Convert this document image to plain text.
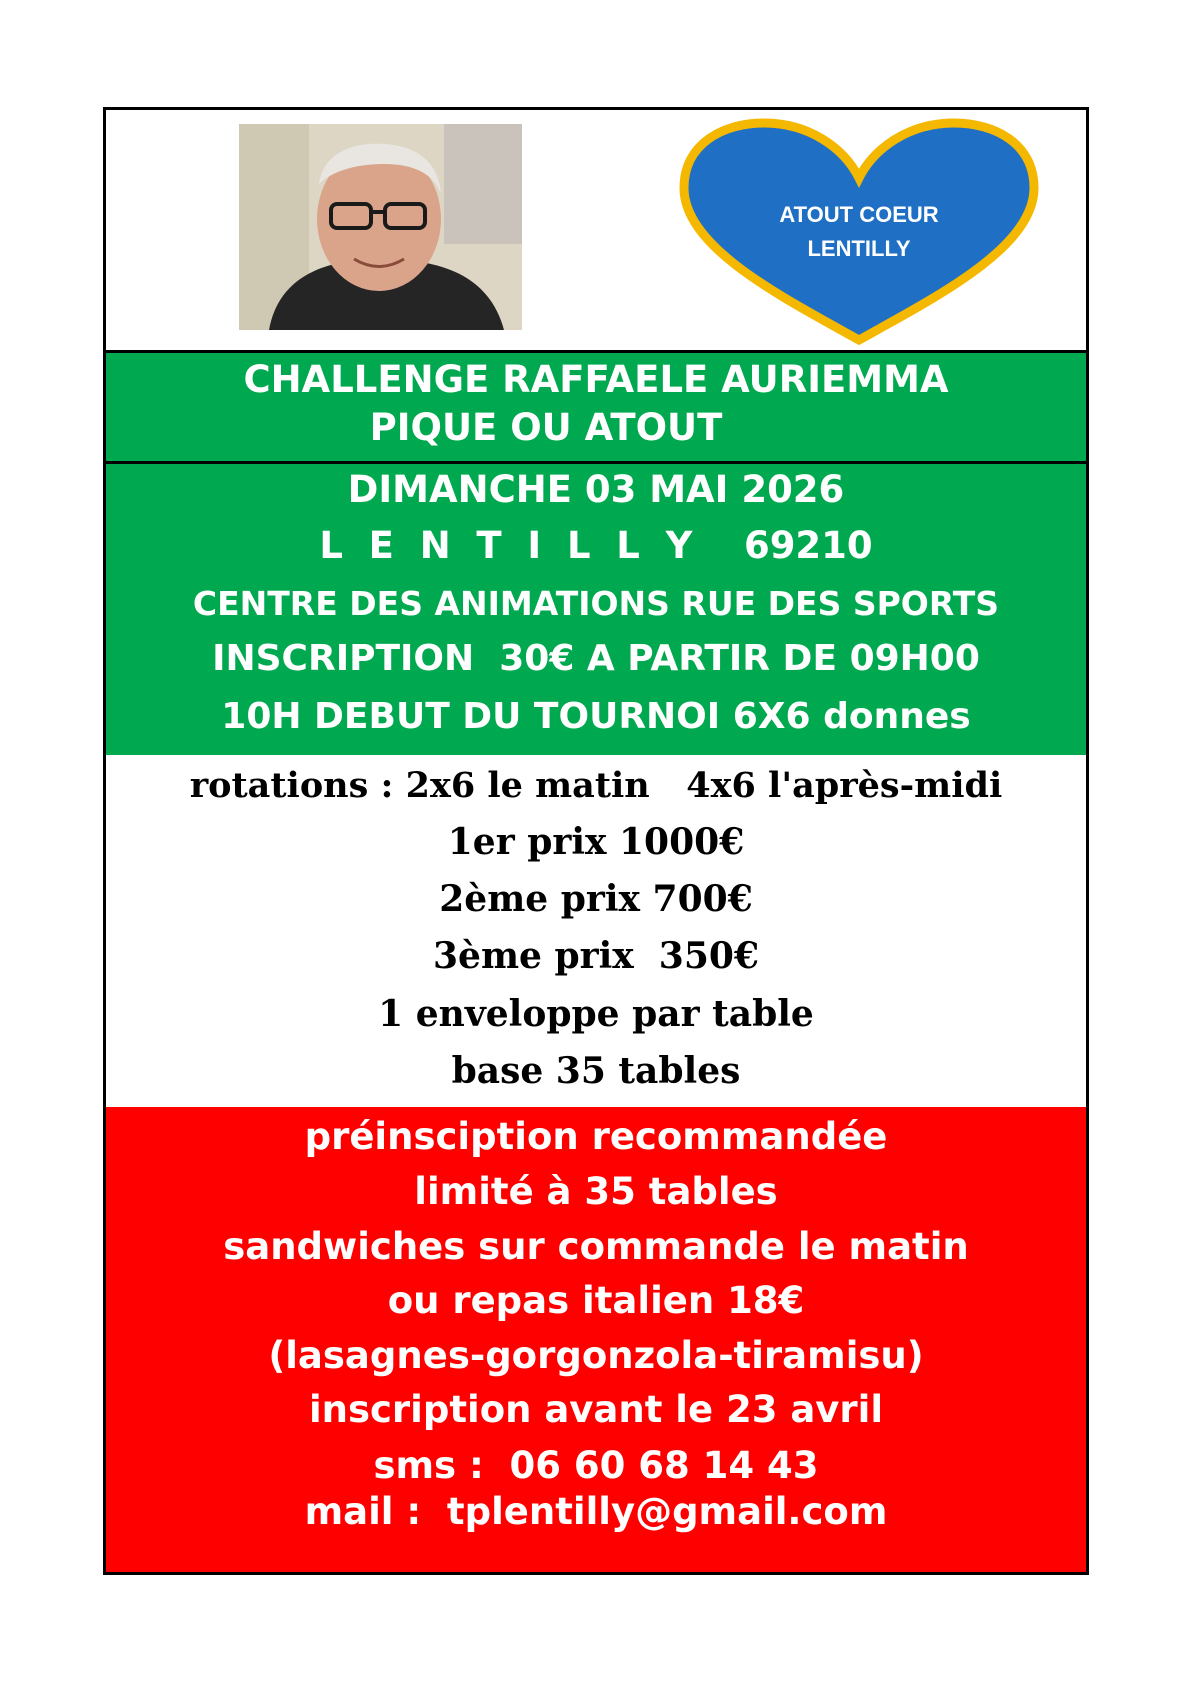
ATOUT COEUR
LENTILLY
CHALLENGE RAFFAELE AURIEMMA
PIQUE OU ATOUT
DIMANCHE 03 MAI 2026
L  E  N  T  I  L  L  Y    69210
CENTRE DES ANIMATIONS RUE DES SPORTS
INSCRIPTION  30€ A PARTIR DE 09H00
10H DEBUT DU TOURNOI 6X6 donnes
rotations : 2x6 le matin   4x6 l'après-midi
1er prix 1000€
2ème prix 700€
3ème prix  350€
1 enveloppe par table
base 35 tables
préinsciption recommandée
limité à 35 tables
sandwiches sur commande le matin
ou repas italien 18€
(lasagnes-gorgonzola-tiramisu)
inscription avant le 23 avril
sms :  06 60 68 14 43
mail :  tplentilly@gmail.com
